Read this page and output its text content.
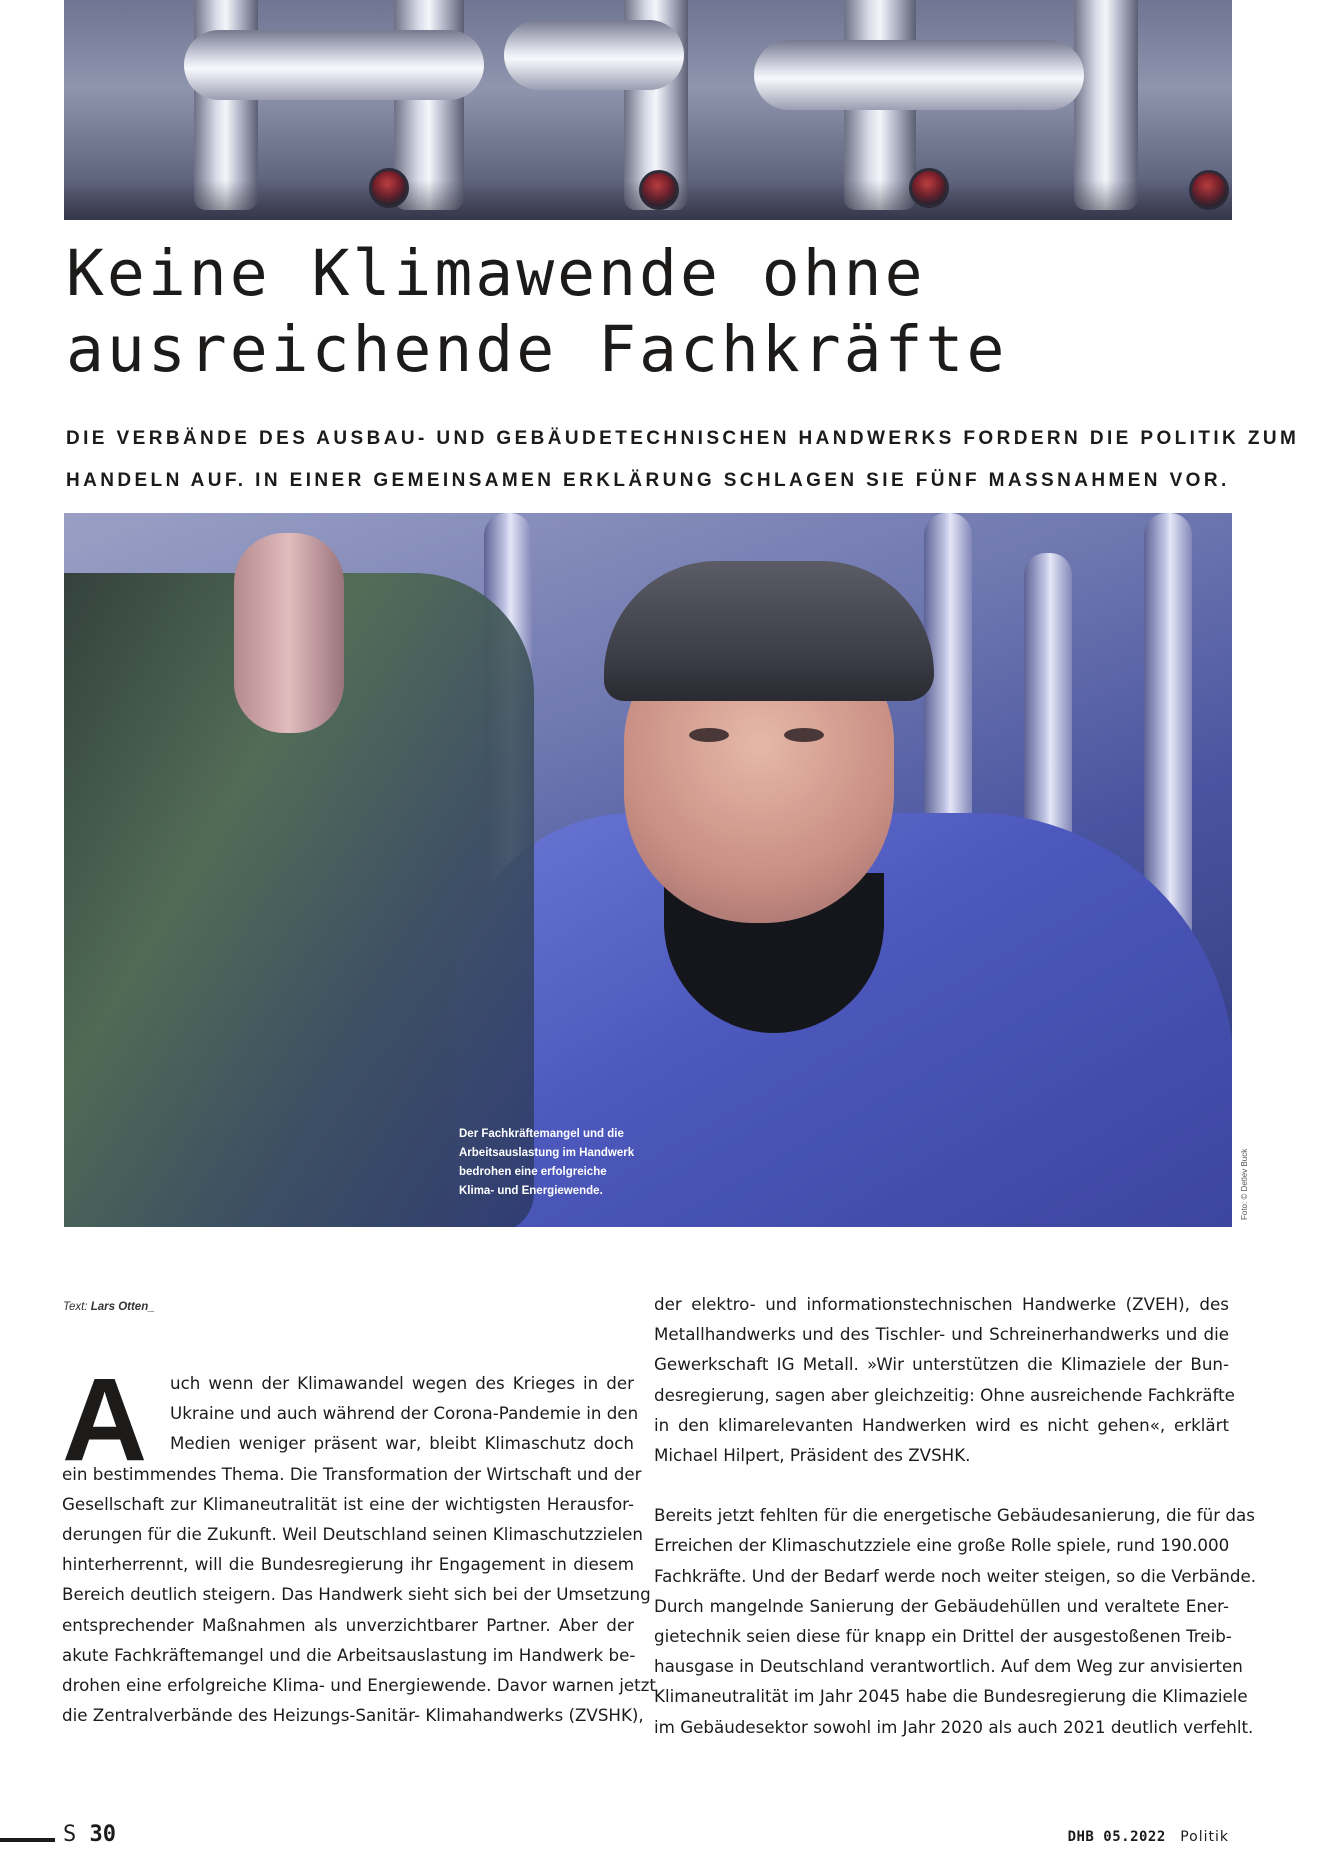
Keine Klimawende ohne
ausreichende Fachkräfte

DIE VERBÄNDE DES AUSBAU- UND GEBÄUDETECHNISCHEN HANDWERKS FORDERN DIE POLITIK ZUM
HANDELN AUF. IN EINER GEMEINSAMEN ERKLÄRUNG SCHLAGEN SIE FÜNF MASSNAHMEN VOR.

Der Fachkräftemangel und die
Arbeitsauslastung im Handwerk
bedrohen eine erfolgreiche
Klima- und Energiewende.	Foto: © Detlev Buck

Text: Lars Otten_

A	uch wenn der Klimawandel wegen des Krieges in der
Ukraine und auch während der Corona-Pandemie in den
Medien weniger präsent war, bleibt Klimaschutz doch
ein bestimmendes Thema. Die Transformation der Wirtschaft und der
Gesellschaft zur Klimaneutralität ist eine der wichtigsten Herausfor-
derungen für die Zukunft. Weil Deutschland seinen Klimaschutzzielen
hinterherrennt, will die Bundesregierung ihr Engagement in diesem
Bereich deutlich steigern. Das Handwerk sieht sich bei der Umsetzung
entsprechender Maßnahmen als unverzichtbarer Partner. Aber der
akute Fachkräftemangel und die Arbeitsauslastung im Handwerk be-
drohen eine erfolgreiche Klima- und Energiewende. Davor warnen jetzt
die Zentralverbände des Heizungs-Sanitär- Klimahandwerks (ZVSHK),
der elektro- und informationstechnischen Handwerke (ZVEH), des
Metallhandwerks und des Tischler- und Schreinerhandwerks und die
Gewerkschaft IG Metall. »Wir unterstützen die Klimaziele der Bun-
desregierung, sagen aber gleichzeitig: Ohne ausreichende Fachkräfte
in den klimarelevanten Handwerken wird es nicht gehen«, erklärt
Michael Hilpert, Präsident des ZVSHK.
Bereits jetzt fehlten für die energetische Gebäudesanierung, die für das
Erreichen der Klimaschutzziele eine große Rolle spiele, rund 190.000
Fachkräfte. Und der Bedarf werde noch weiter steigen, so die Verbände.
Durch mangelnde Sanierung der Gebäudehüllen und veraltete Ener-
gietechnik seien diese für knapp ein Drittel der ausgestoßenen Treib-
hausgase in Deutschland verantwortlich. Auf dem Weg zur anvisierten
Klimaneutralität im Jahr 2045 habe die Bundesregierung die Klimaziele
im Gebäudesektor sowohl im Jahr 2020 als auch 2021 deutlich verfehlt.

S 30	DHB 05.2022 Politik
